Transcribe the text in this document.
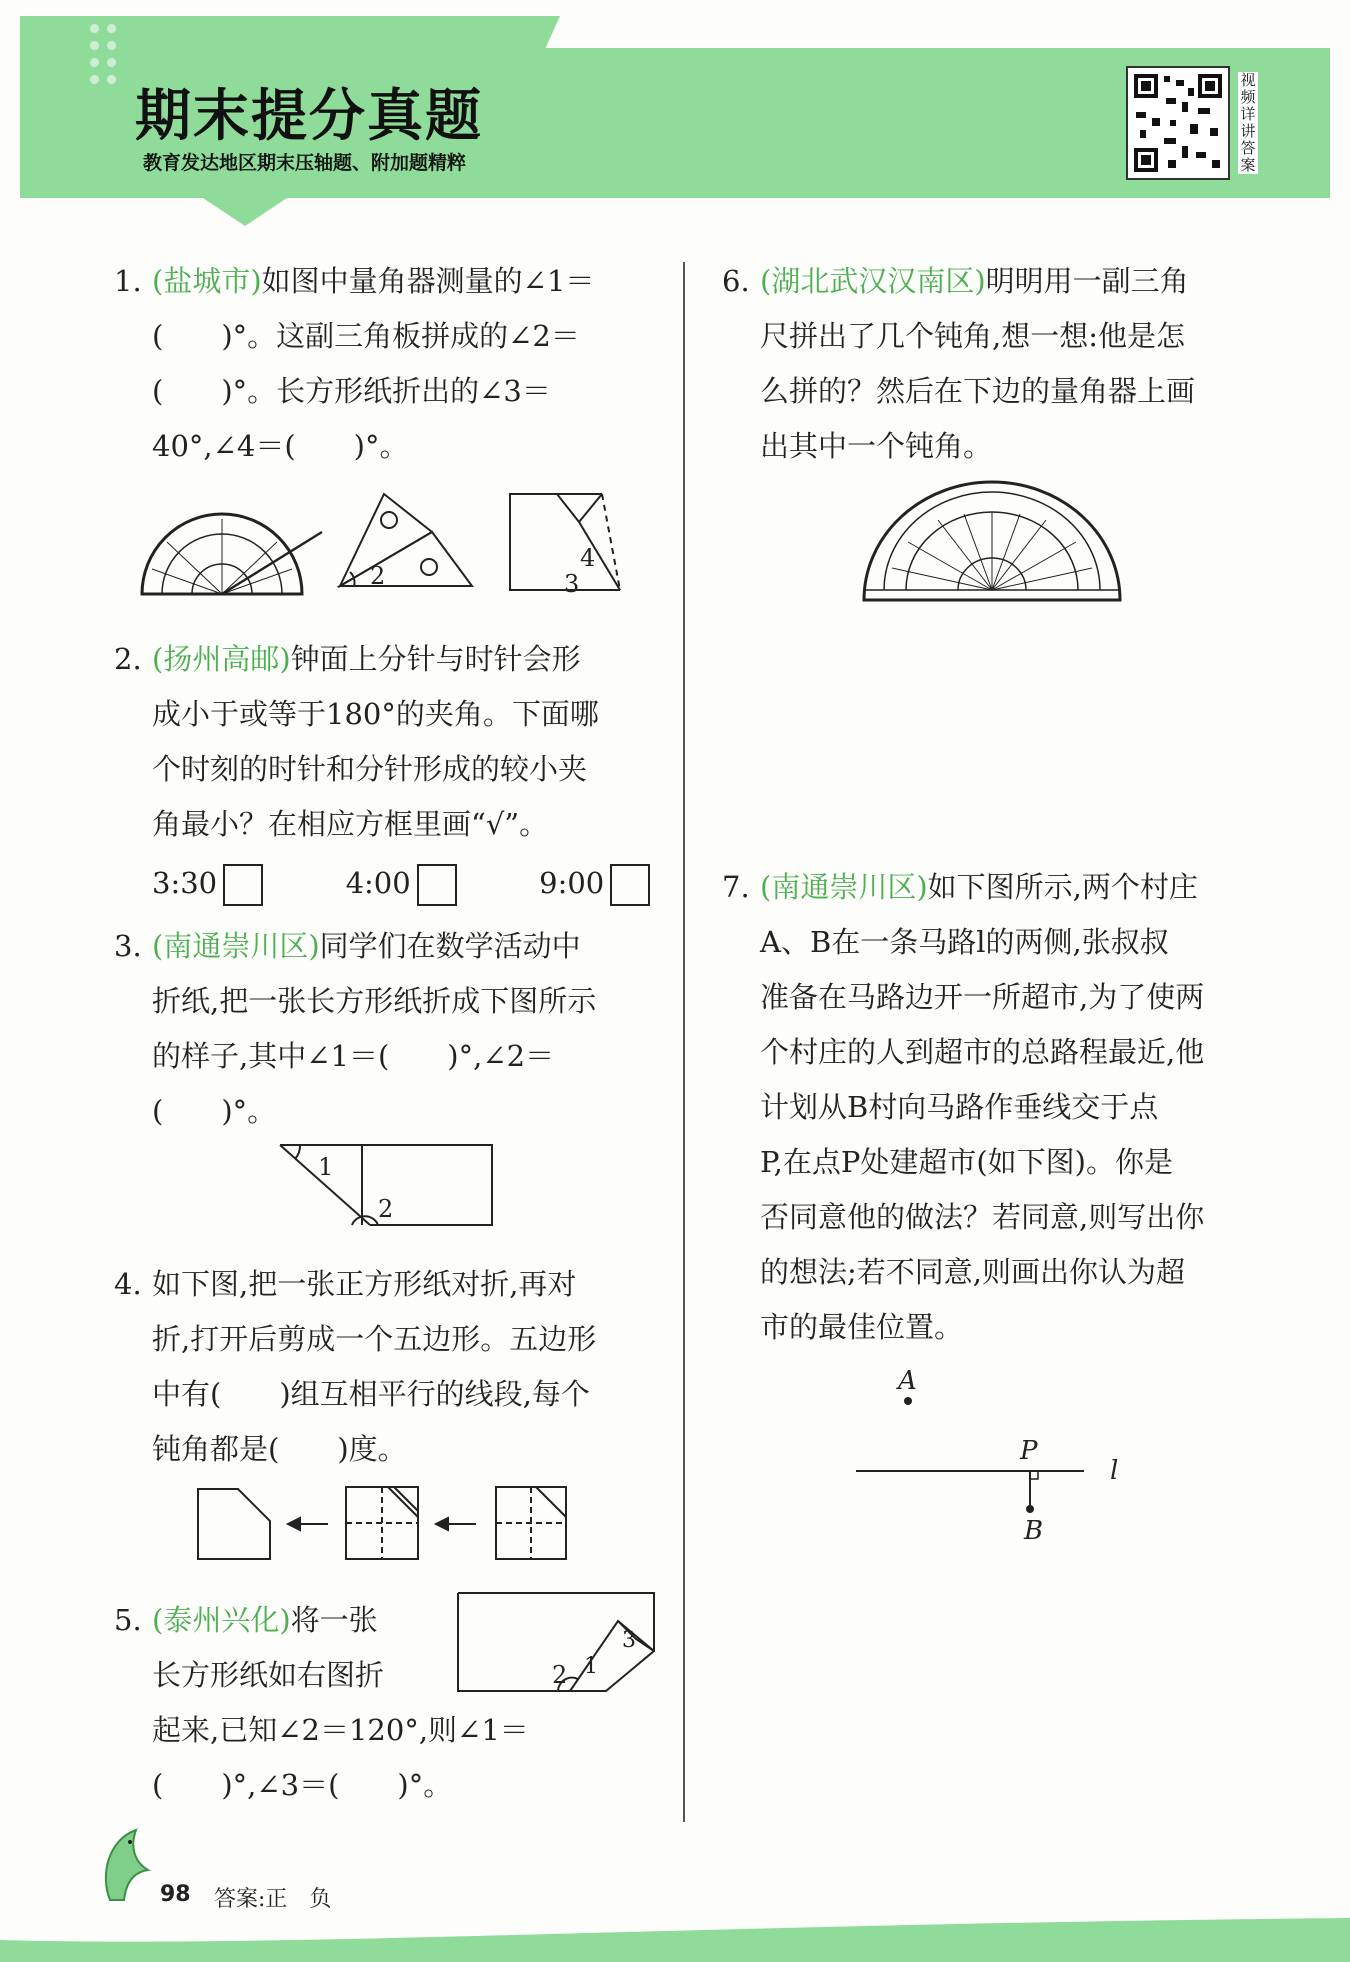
期末提分真题
教育发达地区期末压轴题、附加题精粹
视频详讲答案
1. (盐城市)如图中量角器测量的∠1＝
(　　)°。这副三角板拼成的∠2＝
(　　)°。长方形纸折出的∠3＝
40°,∠4＝(　　)°。
2
4
3
2. (扬州高邮)钟面上分针与时针会形
成小于或等于180°的夹角。下面哪
个时刻的时针和分针形成的较小夹
角最小？在相应方框里画“√”。
3:30	4:00	9:00
3. (南通崇川区)同学们在数学活动中
折纸,把一张长方形纸折成下图所示
的样子,其中∠1＝(　　)°,∠2＝
(　　)°。
1
2
4. 如下图,把一张正方形纸对折,再对
折,打开后剪成一个五边形。五边形
中有(　　)组互相平行的线段,每个
钝角都是(　　)度。
5. (泰州兴化)将一张
长方形纸如右图折
起来,已知∠2＝120°,则∠1＝
(　　)°,∠3＝(　　)°。
2 1
3
6. (湖北武汉汉南区)明明用一副三角
尺拼出了几个钝角,想一想:他是怎
么拼的？然后在下边的量角器上画
出其中一个钝角。
7. (南通崇川区)如下图所示,两个村庄
A、B在一条马路l的两侧,张叔叔
准备在马路边开一所超市,为了使两
个村庄的人到超市的总路程最近,他
计划从B村向马路作垂线交于点
P,在点P处建超市(如下图)。你是
否同意他的做法？若同意,则写出你
的想法;若不同意,则画出你认为超
市的最佳位置。
A
P
l
B
98 答案:正　负
